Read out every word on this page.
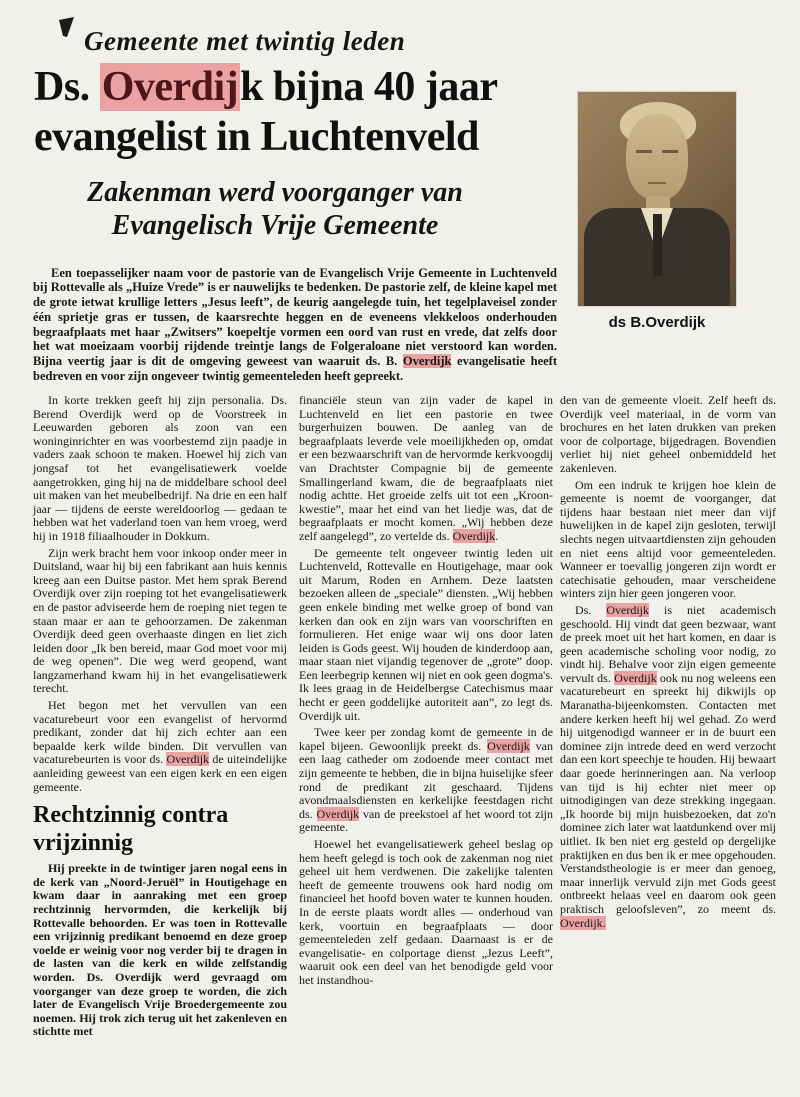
Gemeente met twintig leden
Ds. Overdijk bijna 40 jaar
evangelist in Luchtenveld
Zakenman werd voorganger van
Evangelisch Vrije Gemeente

Een toepasselijker naam voor de pastorie van de Evangelisch Vrije Gemeente in Luchtenveld bij Rottevalle als „Huize Vrede” is er nauwelijks te bedenken. De pastorie zelf, de kleine kapel met de grote ietwat krullige letters „Jesus leeft”, de keurig aangelegde tuin, het tegelplaveisel zonder één sprietje gras er tussen, de kaarsrechte heggen en de eveneens vlekkeloos onderhouden begraafplaats met haar „Zwitsers” koepeltje vormen een oord van rust en vrede, dat zelfs door het wat moeizaam voorbij rijdende treintje langs de Folgeraloane niet verstoord kan worden. Bijna veertig jaar is dit de omgeving geweest van waaruit ds. B. Overdijk evangelisatie heeft bedreven en voor zijn ongeveer twintig gemeenteleden heeft gepreekt.

ds B.Overdijk

In korte trekken geeft hij zijn personalia. Ds. Berend Overdijk werd op de Voorstreek in Leeuwarden geboren als zoon van een woninginrichter en was voorbestemd zijn paadje in vaders zaak schoon te maken. Hoewel hij zich van jongsaf tot het evangelisatiewerk voelde aangetrokken, ging hij na de middelbare school deel uit maken van het meubelbedrijf. Na drie en een half jaar — tijdens de eerste wereldoorlog — gedaan te hebben wat het vaderland toen van hem vroeg, werd hij in 1918 filiaalhouder in Dokkum.

Zijn werk bracht hem voor inkoop onder meer in Duitsland, waar hij bij een fabrikant aan huis kennis kreeg aan een Duitse pastor. Met hem sprak Berend Overdijk over zijn roeping tot het evangelisatiewerk en de pastor adviseerde hem de roeping niet tegen te staan maar er aan te gehoorzamen. De zakenman Overdijk deed geen overhaaste dingen en liet zich leiden door „Ik ben bereid, maar God moet voor mij de weg openen”. Die weg werd geopend, want langzamerhand kwam hij in het evangelisatiewerk terecht.

Het begon met het vervullen van een vacaturebeurt voor een evangelist of hervormd predikant, zonder dat hij zich echter aan een bepaalde kerk wilde binden. Dit vervullen van vacaturebeurten is voor ds. Overdijk de uiteindelijke aanleiding geweest van een eigen kerk en een eigen gemeente.

Rechtzinnig contra vrijzinnig

Hij preekte in de twintiger jaren nogal eens in de kerk van „Noord-Jeruël” in Houtigehage en kwam daar in aanraking met een groep rechtzinnig hervormden, die kerkelijk bij Rottevalle behoorden. Er was toen in Rottevalle een vrijzinnig predikant benoemd en deze groep voelde er weinig voor nog verder bij te dragen in de lasten van die kerk en wilde zelfstandig worden. Ds. Overdijk werd gevraagd om voorganger van deze groep te worden, die zich later de Evangelisch Vrije Broedergemeente zou noemen. Hij trok zich terug uit het zakenleven en stichtte met

financiële steun van zijn vader de kapel in Luchtenveld en liet een pastorie en twee burgerhuizen bouwen. De aanleg van de begraafplaats leverde vele moeilijkheden op, omdat er een bezwaarschrift van de hervormde kerkvoogdij van Drachtster Compagnie bij de gemeente Smallingerland kwam, die de begraafplaats niet nodig achtte. Het groeide zelfs uit tot een „Kroon-kwestie”, maar het eind van het liedje was, dat de begraafplaats er mocht komen. „Wij hebben deze zelf aangelegd”, zo vertelde ds. Overdijk.

De gemeente telt ongeveer twintig leden uit Luchtenveld, Rottevalle en Houtigehage, maar ook uit Marum, Roden en Arnhem. Deze laatsten bezoeken alleen de „speciale” diensten. „Wij hebben geen enkele binding met welke groep of bond van kerken dan ook en zijn wars van voorschriften en formulieren. Het enige waar wij ons door laten leiden is Gods geest. Wij houden de kinderdoop aan, maar staan niet vijandig tegenover de „grote” doop. Een leerbegrip kennen wij niet en ook geen dogma's. Ik lees graag in de Heidelbergse Catechismus maar hecht er geen goddelijke autoriteit aan”, zo legt ds. Overdijk uit.

Twee keer per zondag komt de gemeente in de kapel bijeen. Gewoonlijk preekt ds. Overdijk van een laag catheder om zodoende meer contact met zijn gemeente te hebben, die in bijna huiselijke sfeer rond de predikant zit geschaard. Tijdens avondmaalsdiensten en kerkelijke feestdagen richt ds. Overdijk van de preekstoel af het woord tot zijn gemeente.

Hoewel het evangelisatiewerk geheel beslag op hem heeft gelegd is toch ook de zakenman nog niet geheel uit hem verdwenen. Die zakelijke talenten heeft de gemeente trouwens ook hard nodig om financieel het hoofd boven water te kunnen houden. In de eerste plaats wordt alles — onderhoud van kerk, voortuin en begraafplaats — door gemeenteleden zelf gedaan. Daarnaast is er de evangelisatie- en colportage dienst „Jezus Leeft”, waaruit ook een deel van het benodigde geld voor het instandhou-

den van de gemeente vloeit. Zelf heeft ds. Overdijk veel materiaal, in de vorm van brochures en het laten drukken van preken voor de colportage, bijgedragen. Bovendien verliet hij niet geheel onbemiddeld het zakenleven.

Om een indruk te krijgen hoe klein de gemeente is noemt de voorganger, dat tijdens haar bestaan niet meer dan vijf huwelijken in de kapel zijn gesloten, terwijl slechts negen uitvaartdiensten zijn gehouden en niet eens altijd voor gemeenteleden. Wanneer er toevallig jongeren zijn wordt er catechisatie gehouden, maar verscheidene winters zijn hier geen jongeren voor.

Ds. Overdijk is niet academisch geschoold. Hij vindt dat geen bezwaar, want de preek moet uit het hart komen, en daar is geen academische scholing voor nodig, zo vindt hij. Behalve voor zijn eigen gemeente vervult ds. Overdijk ook nu nog weleens een vacaturebeurt en spreekt hij dikwijls op Maranatha-bijeenkomsten. Contacten met andere kerken heeft hij wel gehad. Zo werd hij uitgenodigd wanneer er in de buurt een dominee zijn intrede deed en werd verzocht dan een kort speechje te houden. Hij bewaart daar goede herinneringen aan. Na verloop van tijd is hij echter niet meer op uitnodigingen van deze strekking ingegaan. „Ik hoorde bij mijn huisbezoeken, dat zo'n dominee zich later wat laatdunkend over mij uitliet. Ik ben niet erg gesteld op dergelijke praktijken en dus ben ik er mee opgehouden. Verstandstheologie is er meer dan genoeg, maar innerlijk vervuld zijn met Gods geest ontbreekt helaas veel en daarom ook geen praktisch geloofsleven”, zo meent ds. Overdijk.
